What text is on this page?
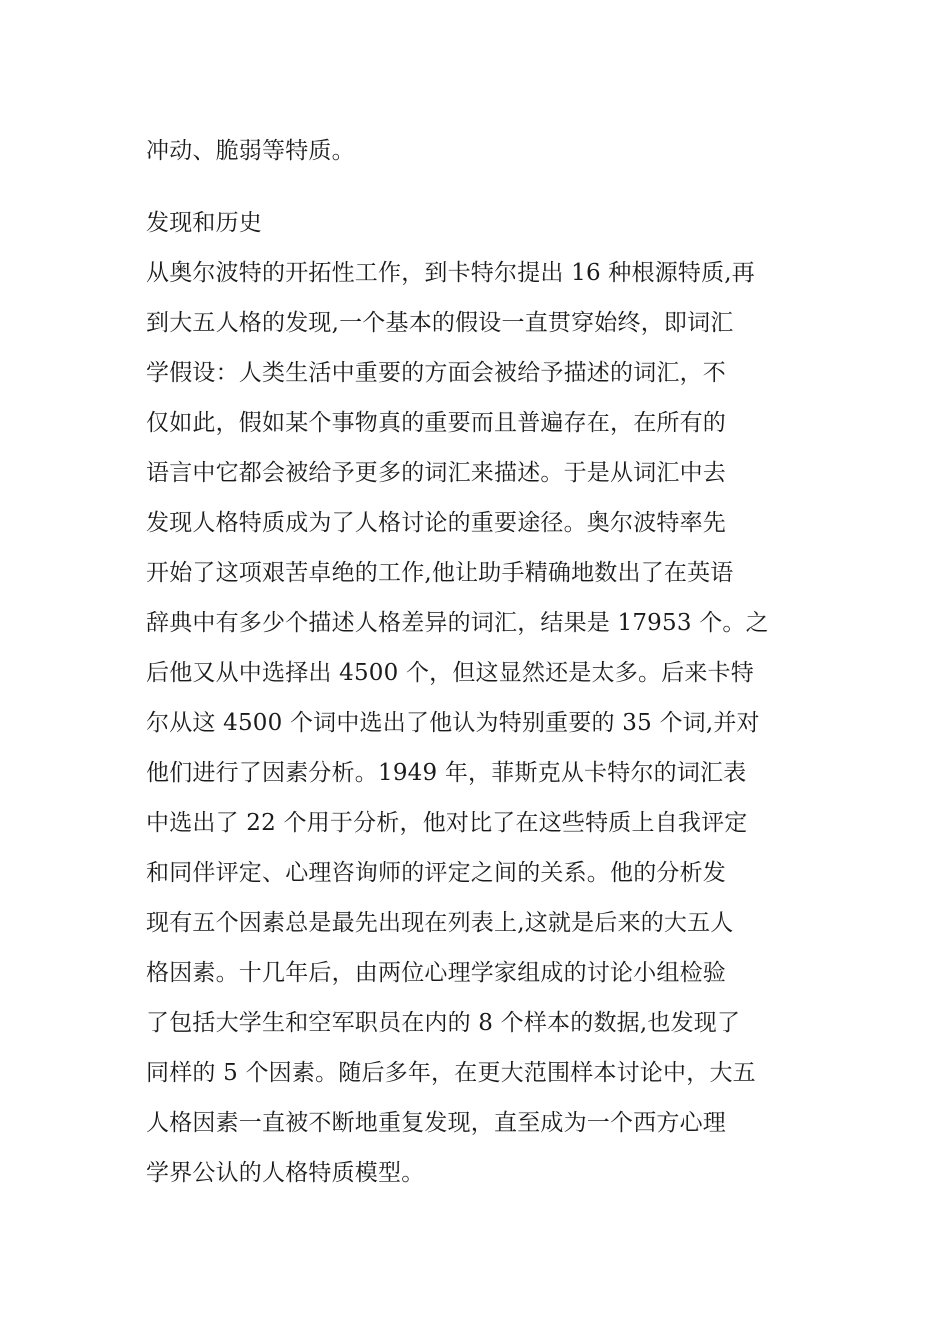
冲动、脆弱等特质。
发现和历史
从奥尔波特的开拓性工作，到卡特尔提出 16 种根源特质,再
到大五人格的发现,一个基本的假设一直贯穿始终，即词汇
学假设：人类生活中重要的方面会被给予描述的词汇，不
仅如此，假如某个事物真的重要而且普遍存在，在所有的
语言中它都会被给予更多的词汇来描述。于是从词汇中去
发现人格特质成为了人格讨论的重要途径。奥尔波特率先
开始了这项艰苦卓绝的工作,他让助手精确地数出了在英语
辞典中有多少个描述人格差异的词汇，结果是 17953 个。之
后他又从中选择出 4500 个，但这显然还是太多。后来卡特
尔从这 4500 个词中选出了他认为特别重要的 35 个词,并对
他们进行了因素分析。1949 年，菲斯克从卡特尔的词汇表
中选出了 22 个用于分析，他对比了在这些特质上自我评定
和同伴评定、心理咨询师的评定之间的关系。他的分析发
现有五个因素总是最先出现在列表上,这就是后来的大五人
格因素。十几年后，由两位心理学家组成的讨论小组检验
了包括大学生和空军职员在内的 8 个样本的数据,也发现了
同样的 5 个因素。随后多年，在更大范围样本讨论中，大五
人格因素一直被不断地重复发现，直至成为一个西方心理
学界公认的人格特质模型。
